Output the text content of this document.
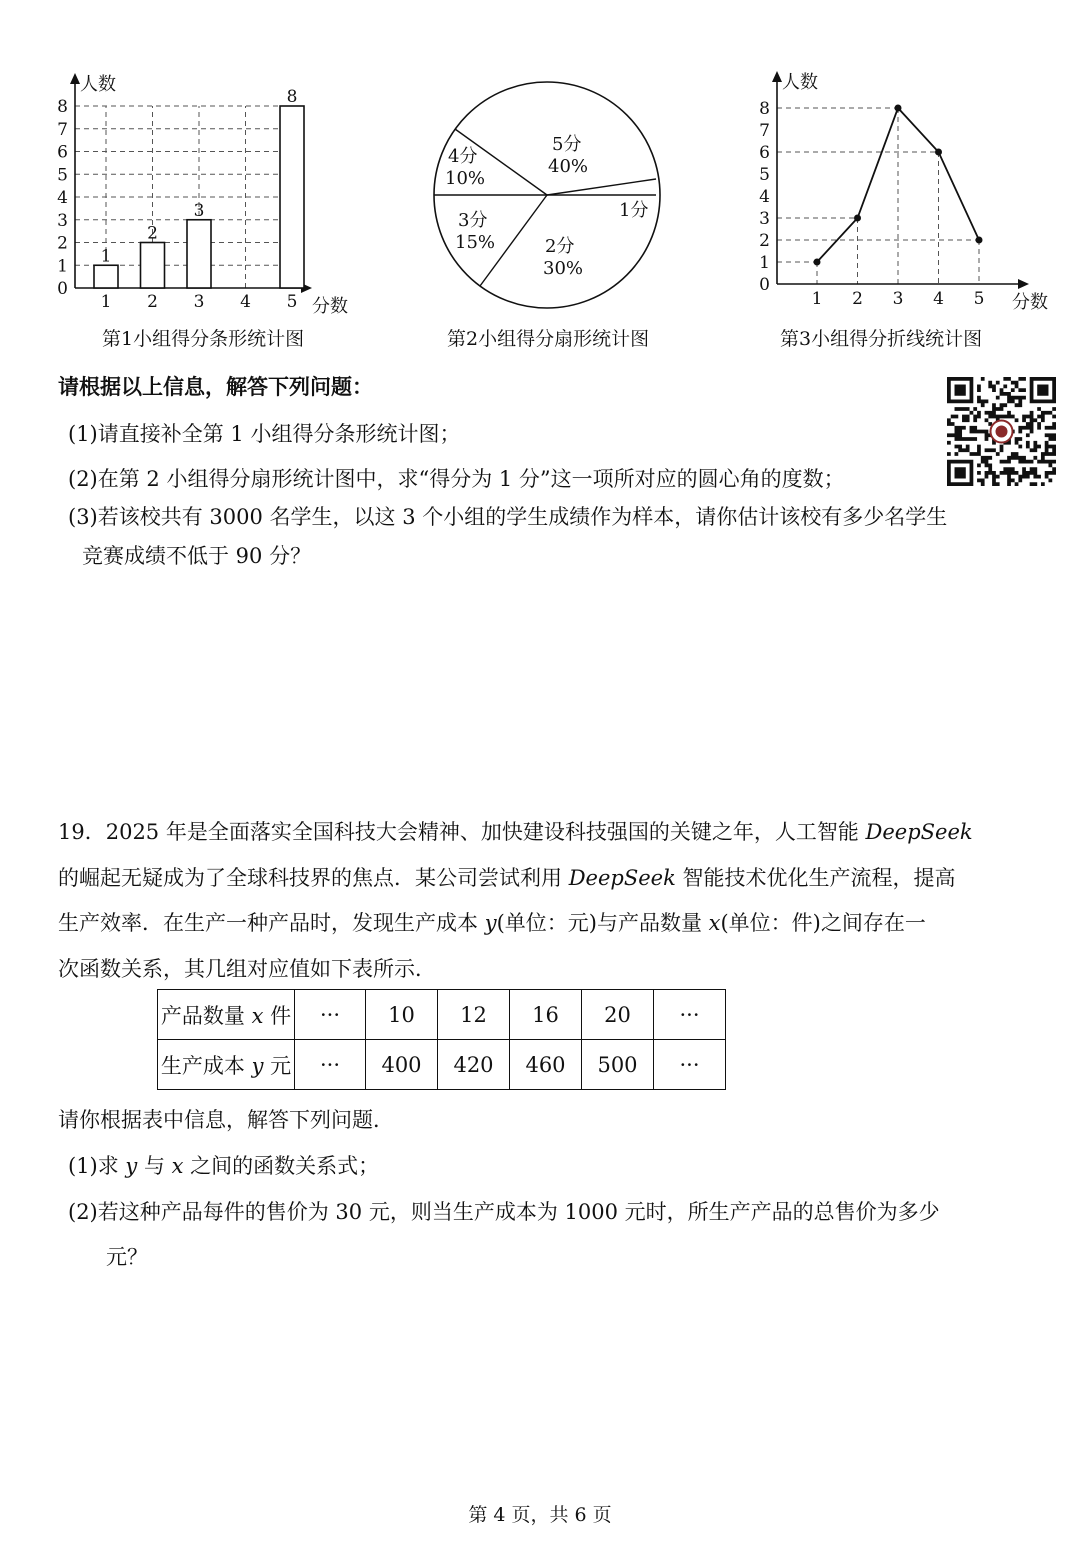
人数
分数
1 2 3 4 5
0
1
2
3
4
5
6
7
8
1
2
3
8
第1小组得分条形统计图
5分
40%
1分
2分
30%
3分
15%
4分
10%
第2小组得分扇形统计图
人数
分数
1 2 3 4 5
0
1
2
3
4
5
6
7
8
第3小组得分折线统计图
请根据以上信息，解答下列问题：
(1)请直接补全第 1 小组得分条形统计图；
(2)在第 2 小组得分扇形统计图中，求“得分为 1 分”这一项所对应的圆心角的度数；
(3)若该校共有 3000 名学生，以这 3 个小组的学生成绩作为样本，请你估计该校有多少名学生
竞赛成绩不低于 90 分？
19．2025 年是全面落实全国科技大会精神、加快建设科技强国的关键之年，人工智能 DeepSeek
的崛起无疑成为了全球科技界的焦点．某公司尝试利用 DeepSeek 智能技术优化生产流程，提高
生产效率．在生产一种产品时，发现生产成本 y(单位：元)与产品数量 x(单位：件)之间存在一
次函数关系，其几组对应值如下表所示．
产品数量 x 件	···	10	12	16	20	···
生产成本 y 元	···	400	420	460	500	···
请你根据表中信息，解答下列问题．
(1)求 y 与 x 之间的函数关系式；
(2)若这种产品每件的售价为 30 元，则当生产成本为 1000 元时，所生产产品的总售价为多少
元？
第 4 页，共 6 页
